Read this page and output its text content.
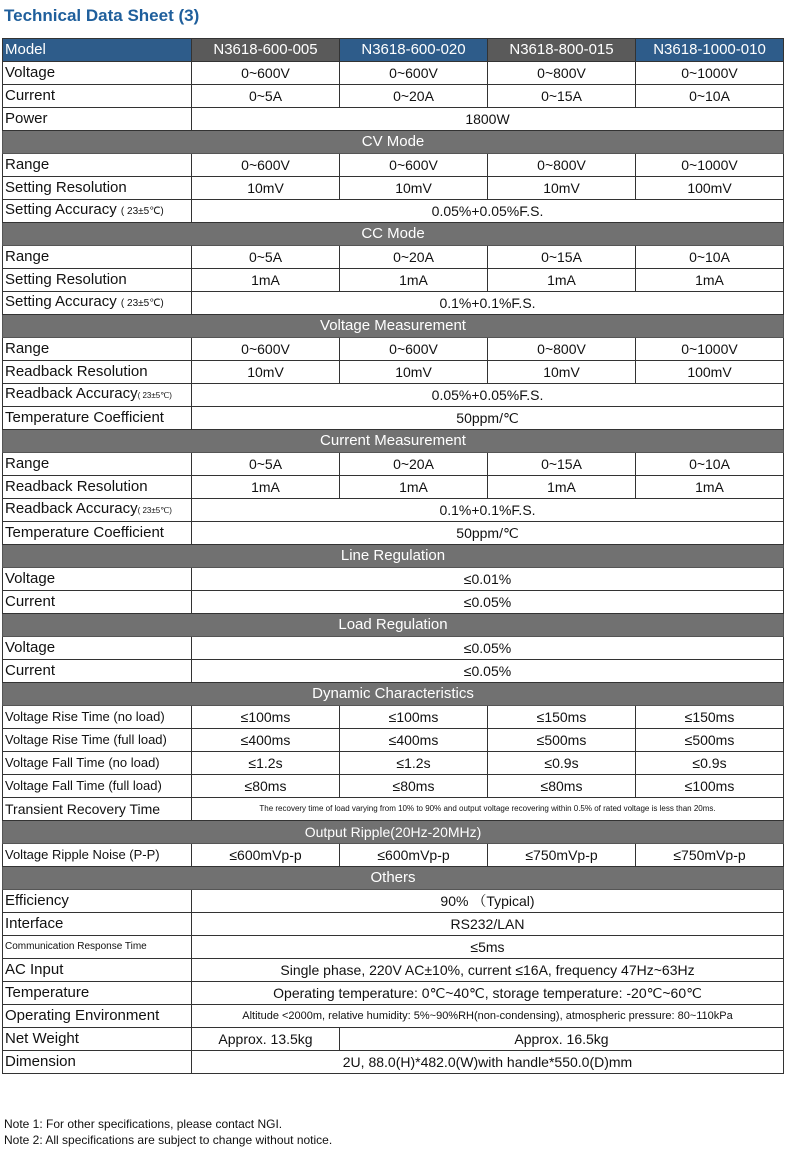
Technical Data Sheet (3)
Model	N3618-600-005	N3618-600-020	N3618-800-015	N3618-1000-010
Voltage	0~600V	0~600V	0~800V	0~1000V
Current	0~5A	0~20A	0~15A	0~10A
Power	1800W			
CV Mode				
Range	0~600V	0~600V	0~800V	0~1000V
Setting Resolution	10mV	10mV	10mV	100mV
Setting Accuracy ( 23±5℃)	0.05%+0.05%F.S.			
CC Mode				
Range	0~5A	0~20A	0~15A	0~10A
Setting Resolution	1mA	1mA	1mA	1mA
Setting Accuracy ( 23±5℃)	0.1%+0.1%F.S.			
Voltage Measurement				
Range	0~600V	0~600V	0~800V	0~1000V
Readback Resolution	10mV	10mV	10mV	100mV
Readback Accuracy( 23±5℃)	0.05%+0.05%F.S.			
Temperature Coefficient	50ppm/℃			
Current Measurement				
Range	0~5A	0~20A	0~15A	0~10A
Readback Resolution	1mA	1mA	1mA	1mA
Readback Accuracy( 23±5℃)	0.1%+0.1%F.S.			
Temperature Coefficient	50ppm/℃			
Line Regulation				
Voltage	≤0.01%			
Current	≤0.05%			
Load Regulation				
Voltage	≤0.05%			
Current	≤0.05%			
Dynamic Characteristics				
Voltage Rise Time (no load)	≤100ms	≤100ms	≤150ms	≤150ms
Voltage Rise Time (full load)	≤400ms	≤400ms	≤500ms	≤500ms
Voltage Fall Time (no load)	≤1.2s	≤1.2s	≤0.9s	≤0.9s
Voltage Fall Time (full load)	≤80ms	≤80ms	≤80ms	≤100ms
Transient Recovery Time	The recovery time of load varying from 10% to 90% and output voltage recovering within 0.5% of rated voltage is less than 20ms.			
Output Ripple(20Hz-20MHz)				
Voltage Ripple Noise (P-P)	≤600mVp-p	≤600mVp-p	≤750mVp-p	≤750mVp-p
Others				
Efficiency	90% （Typical)			
Interface	RS232/LAN			
Communication Response Time	≤5ms			
AC Input	Single phase, 220V AC±10%, current ≤16A, frequency 47Hz~63Hz			
Temperature	Operating temperature: 0℃~40℃, storage temperature: -20℃~60℃			
Operating Environment	Altitude <2000m, relative humidity: 5%~90%RH(non-condensing), atmospheric pressure: 80~110kPa			
Net Weight	Approx. 13.5kg	Approx. 16.5kg		
Dimension	2U, 88.0(H)*482.0(W)with handle*550.0(D)mm			
Note 1: For other specifications, please contact NGI.
Note 2: All specifications are subject to change without notice.
